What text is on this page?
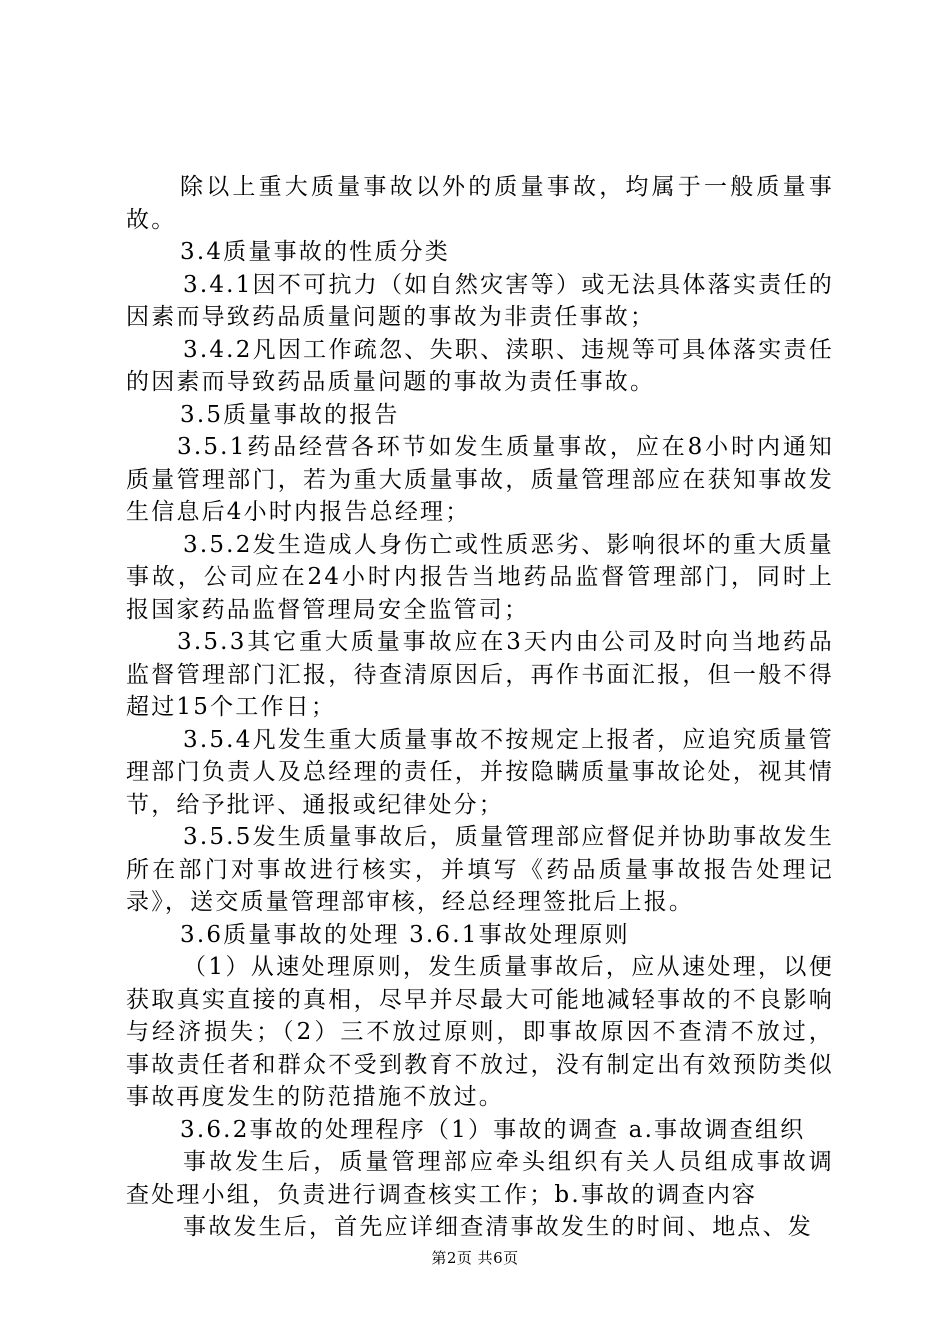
除以上重大质量事故以外的质量事故，均属于一般质量事故。

3.4质量事故的性质分类

3.4.1因不可抗力（如自然灾害等）或无法具体落实责任的因素而导致药品质量问题的事故为非责任事故；

3.4.2凡因工作疏忽、失职、渎职、违规等可具体落实责任的因素而导致药品质量问题的事故为责任事故。

3.5质量事故的报告

3.5.1药品经营各环节如发生质量事故，应在8小时内通知质量管理部门，若为重大质量事故，质量管理部应在获知事故发生信息后4小时内报告总经理；

3.5.2发生造成人身伤亡或性质恶劣、影响很坏的重大质量事故，公司应在24小时内报告当地药品监督管理部门，同时上报国家药品监督管理局安全监管司；

3.5.3其它重大质量事故应在3天内由公司及时向当地药品监督管理部门汇报，待查清原因后，再作书面汇报，但一般不得超过15个工作日；

3.5.4凡发生重大质量事故不按规定上报者，应追究质量管理部门负责人及总经理的责任，并按隐瞒质量事故论处，视其情节，给予批评、通报或纪律处分；

3.5.5发生质量事故后，质量管理部应督促并协助事故发生所在部门对事故进行核实，并填写《药品质量事故报告处理记录》，送交质量管理部审核，经总经理签批后上报。

3.6质量事故的处理 3.6.1事故处理原则

（1）从速处理原则，发生质量事故后，应从速处理，以便获取真实直接的真相，尽早并尽最大可能地减轻事故的不良影响与经济损失；（2）三不放过原则，即事故原因不查清不放过，事故责任者和群众不受到教育不放过，没有制定出有效预防类似事故再度发生的防范措施不放过。

3.6.2事故的处理程序（1）事故的调查 a.事故调查组织

事故发生后，质量管理部应牵头组织有关人员组成事故调查处理小组，负责进行调查核实工作；b.事故的调查内容

事故发生后，首先应详细查清事故发生的时间、地点、发

第2页 共6页
